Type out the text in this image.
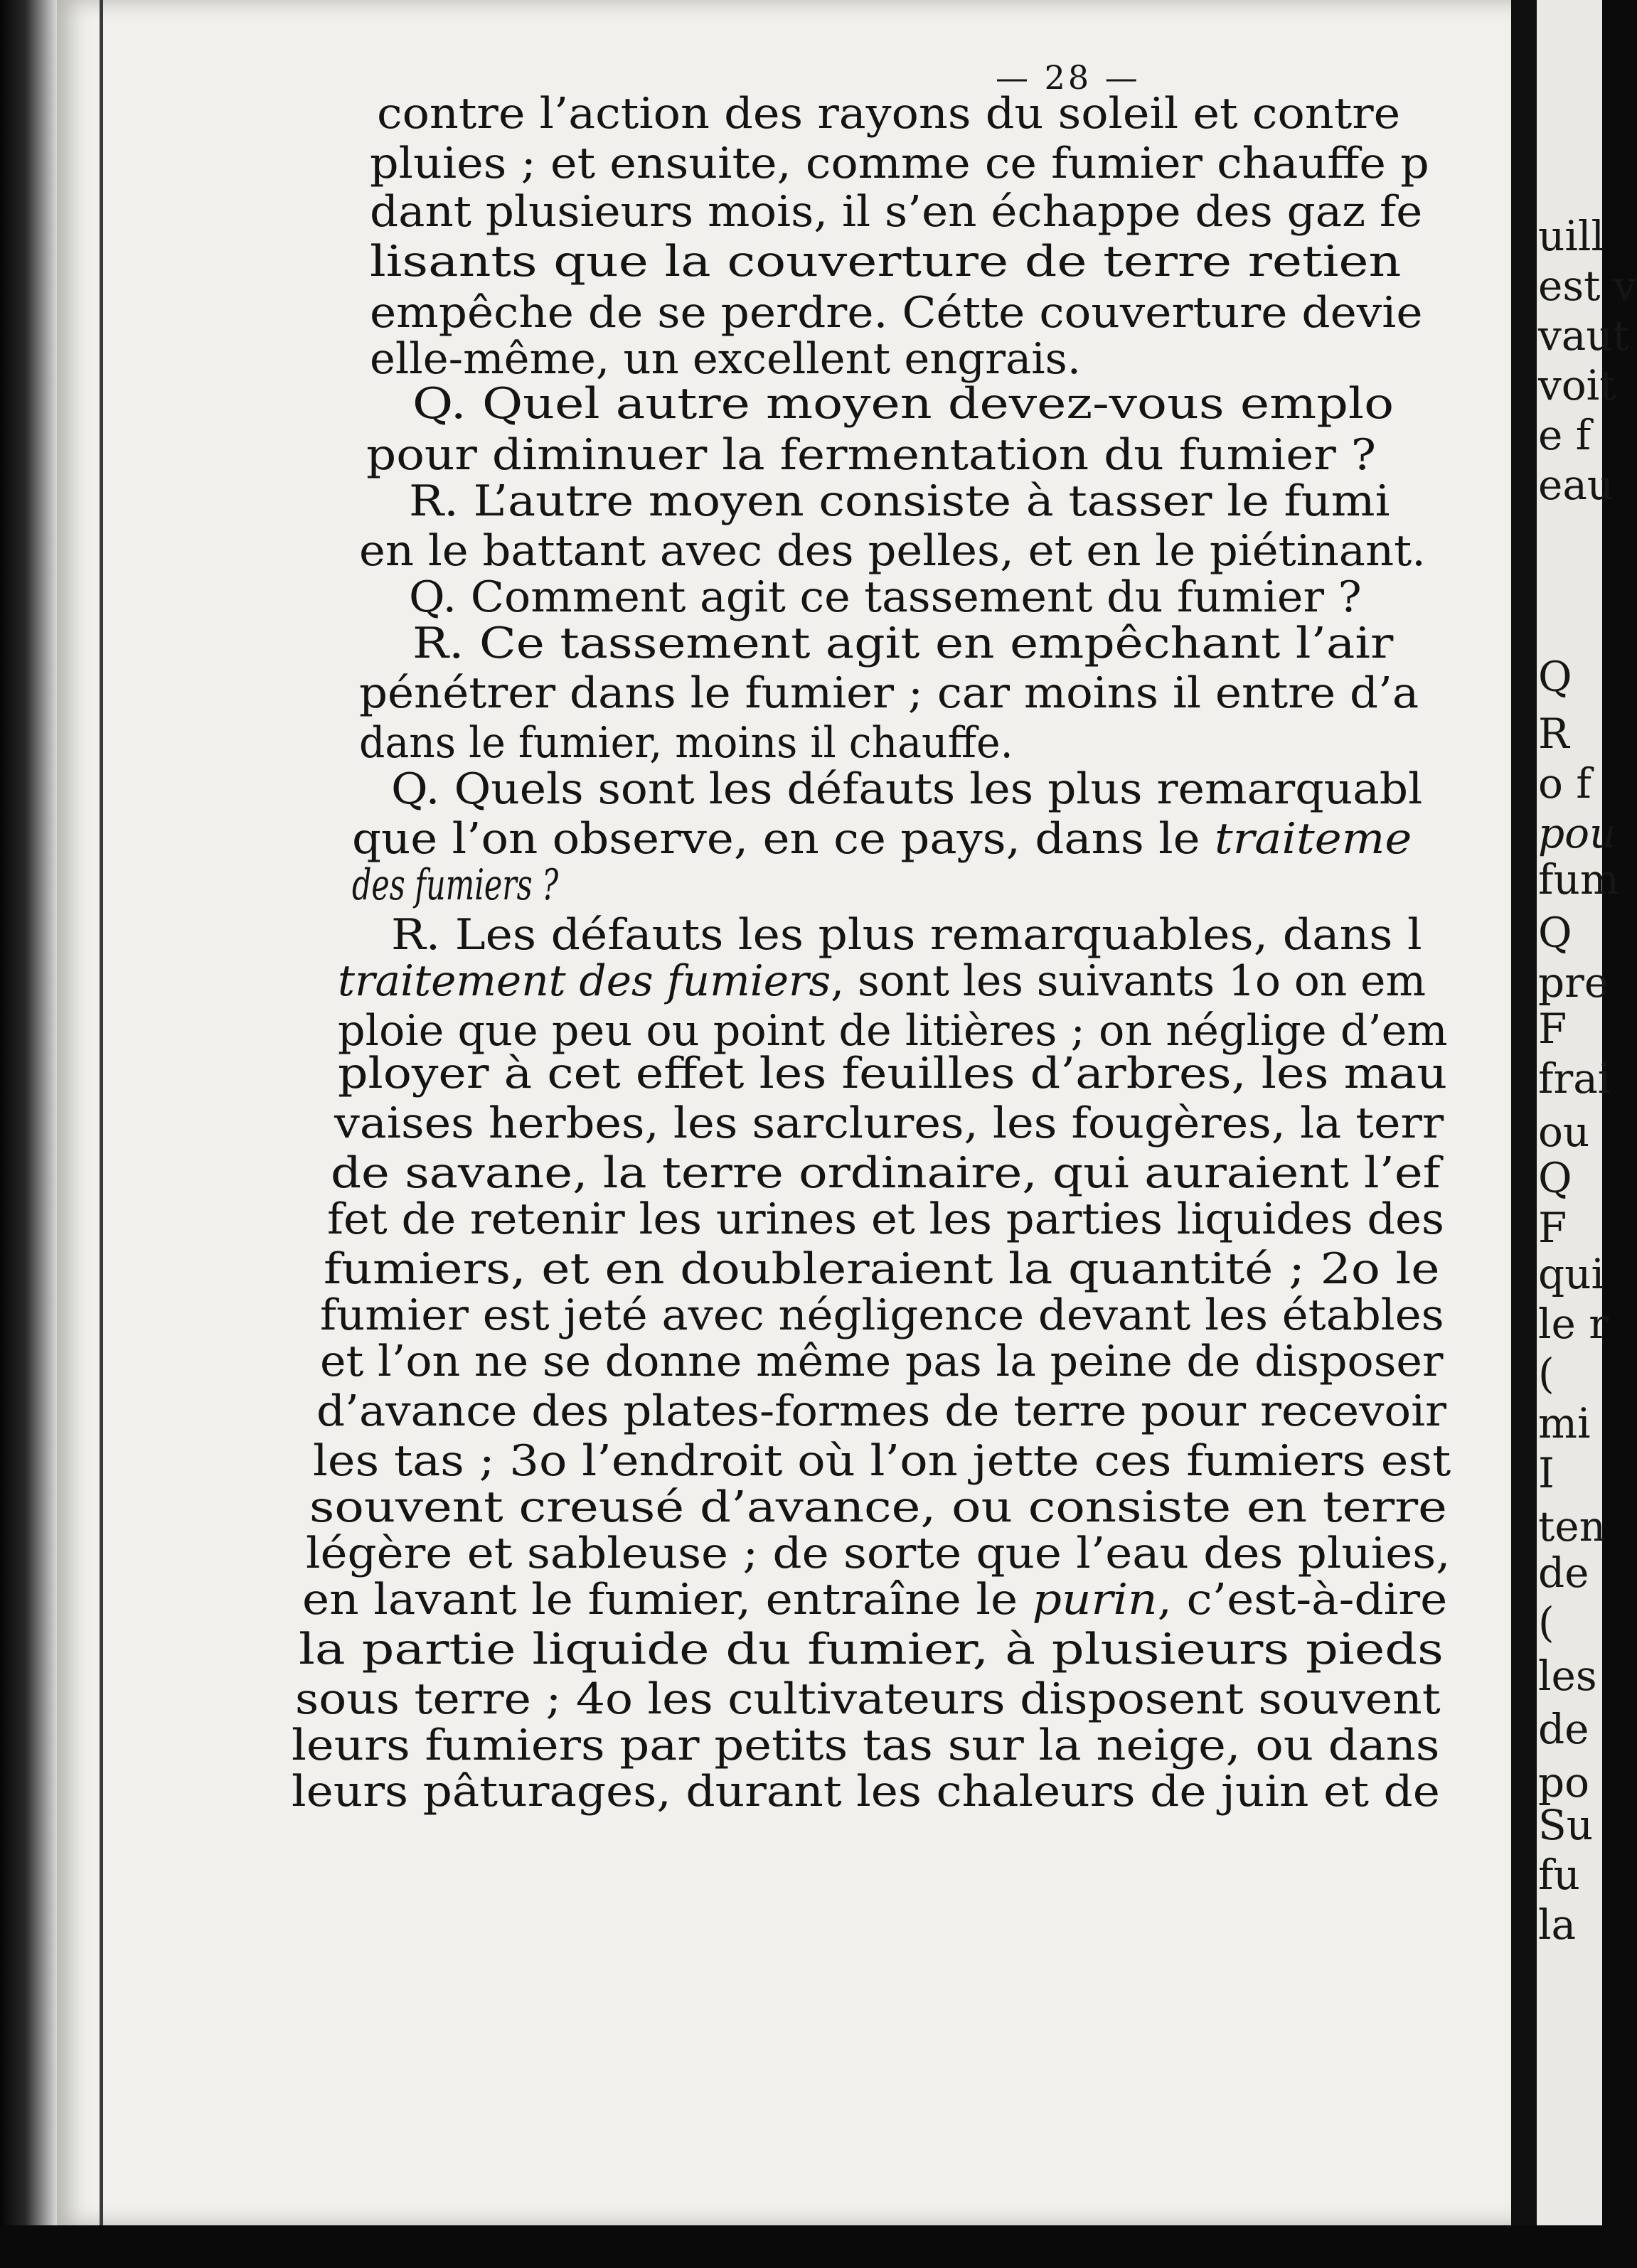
— 28 —
contre l’action des rayons du soleil et contre
pluies ; et ensuite, comme ce fumier chauffe p
dant plusieurs mois, il s’en échappe des gaz fe
lisants que la couverture de terre retien
empêche de se perdre. Cétte couverture devie
elle-même, un excellent engrais.
Q. Quel autre moyen devez-vous emplo
pour diminuer la fermentation du fumier ?
R. L’autre moyen consiste à tasser le fumi
en le battant avec des pelles, et en le piétinant.
Q. Comment agit ce tassement du fumier ?
R. Ce tassement agit en empêchant l’air
pénétrer dans le fumier ; car moins il entre d’a
dans le fumier, moins il chauffe.
Q. Quels sont les défauts les plus remarquabl
que l’on observe, en ce pays, dans le traiteme
des fumiers ?
R. Les défauts les plus remarquables, dans l
traitement des fumiers, sont les suivants 1o on em
ploie que peu ou point de litières ; on néglige d’em
ployer à cet effet les feuilles d’arbres, les mau
vaises herbes, les sarclures, les fougères, la terr
de savane, la terre ordinaire, qui auraient l’ef
fet de retenir les urines et les parties liquides des
fumiers, et en doubleraient la quantité ; 2o le
fumier est jeté avec négligence devant les étables
et l’on ne se donne même pas la peine de disposer
d’avance des plates-formes de terre pour recevoir
les tas ; 3o l’endroit où l’on jette ces fumiers est
souvent creusé d’avance, ou consiste en terre
légère et sableuse ; de sorte que l’eau des pluies,
en lavant le fumier, entraîne le purin, c’est-à-dire
la partie liquide du fumier, à plusieurs pieds
sous terre ; 4o les cultivateurs disposent souvent
leurs fumiers par petits tas sur la neige, ou dans
leurs pâturages, durant les chaleurs de juin et de
uill
est v
vaut
voit
e f
eau
Q
R
o f
pou
fum
Q
pre
F
frai
ou
Q
F
qui
le r
(
mi
I
ten
de
(
les
de
po
Su
fu
la
